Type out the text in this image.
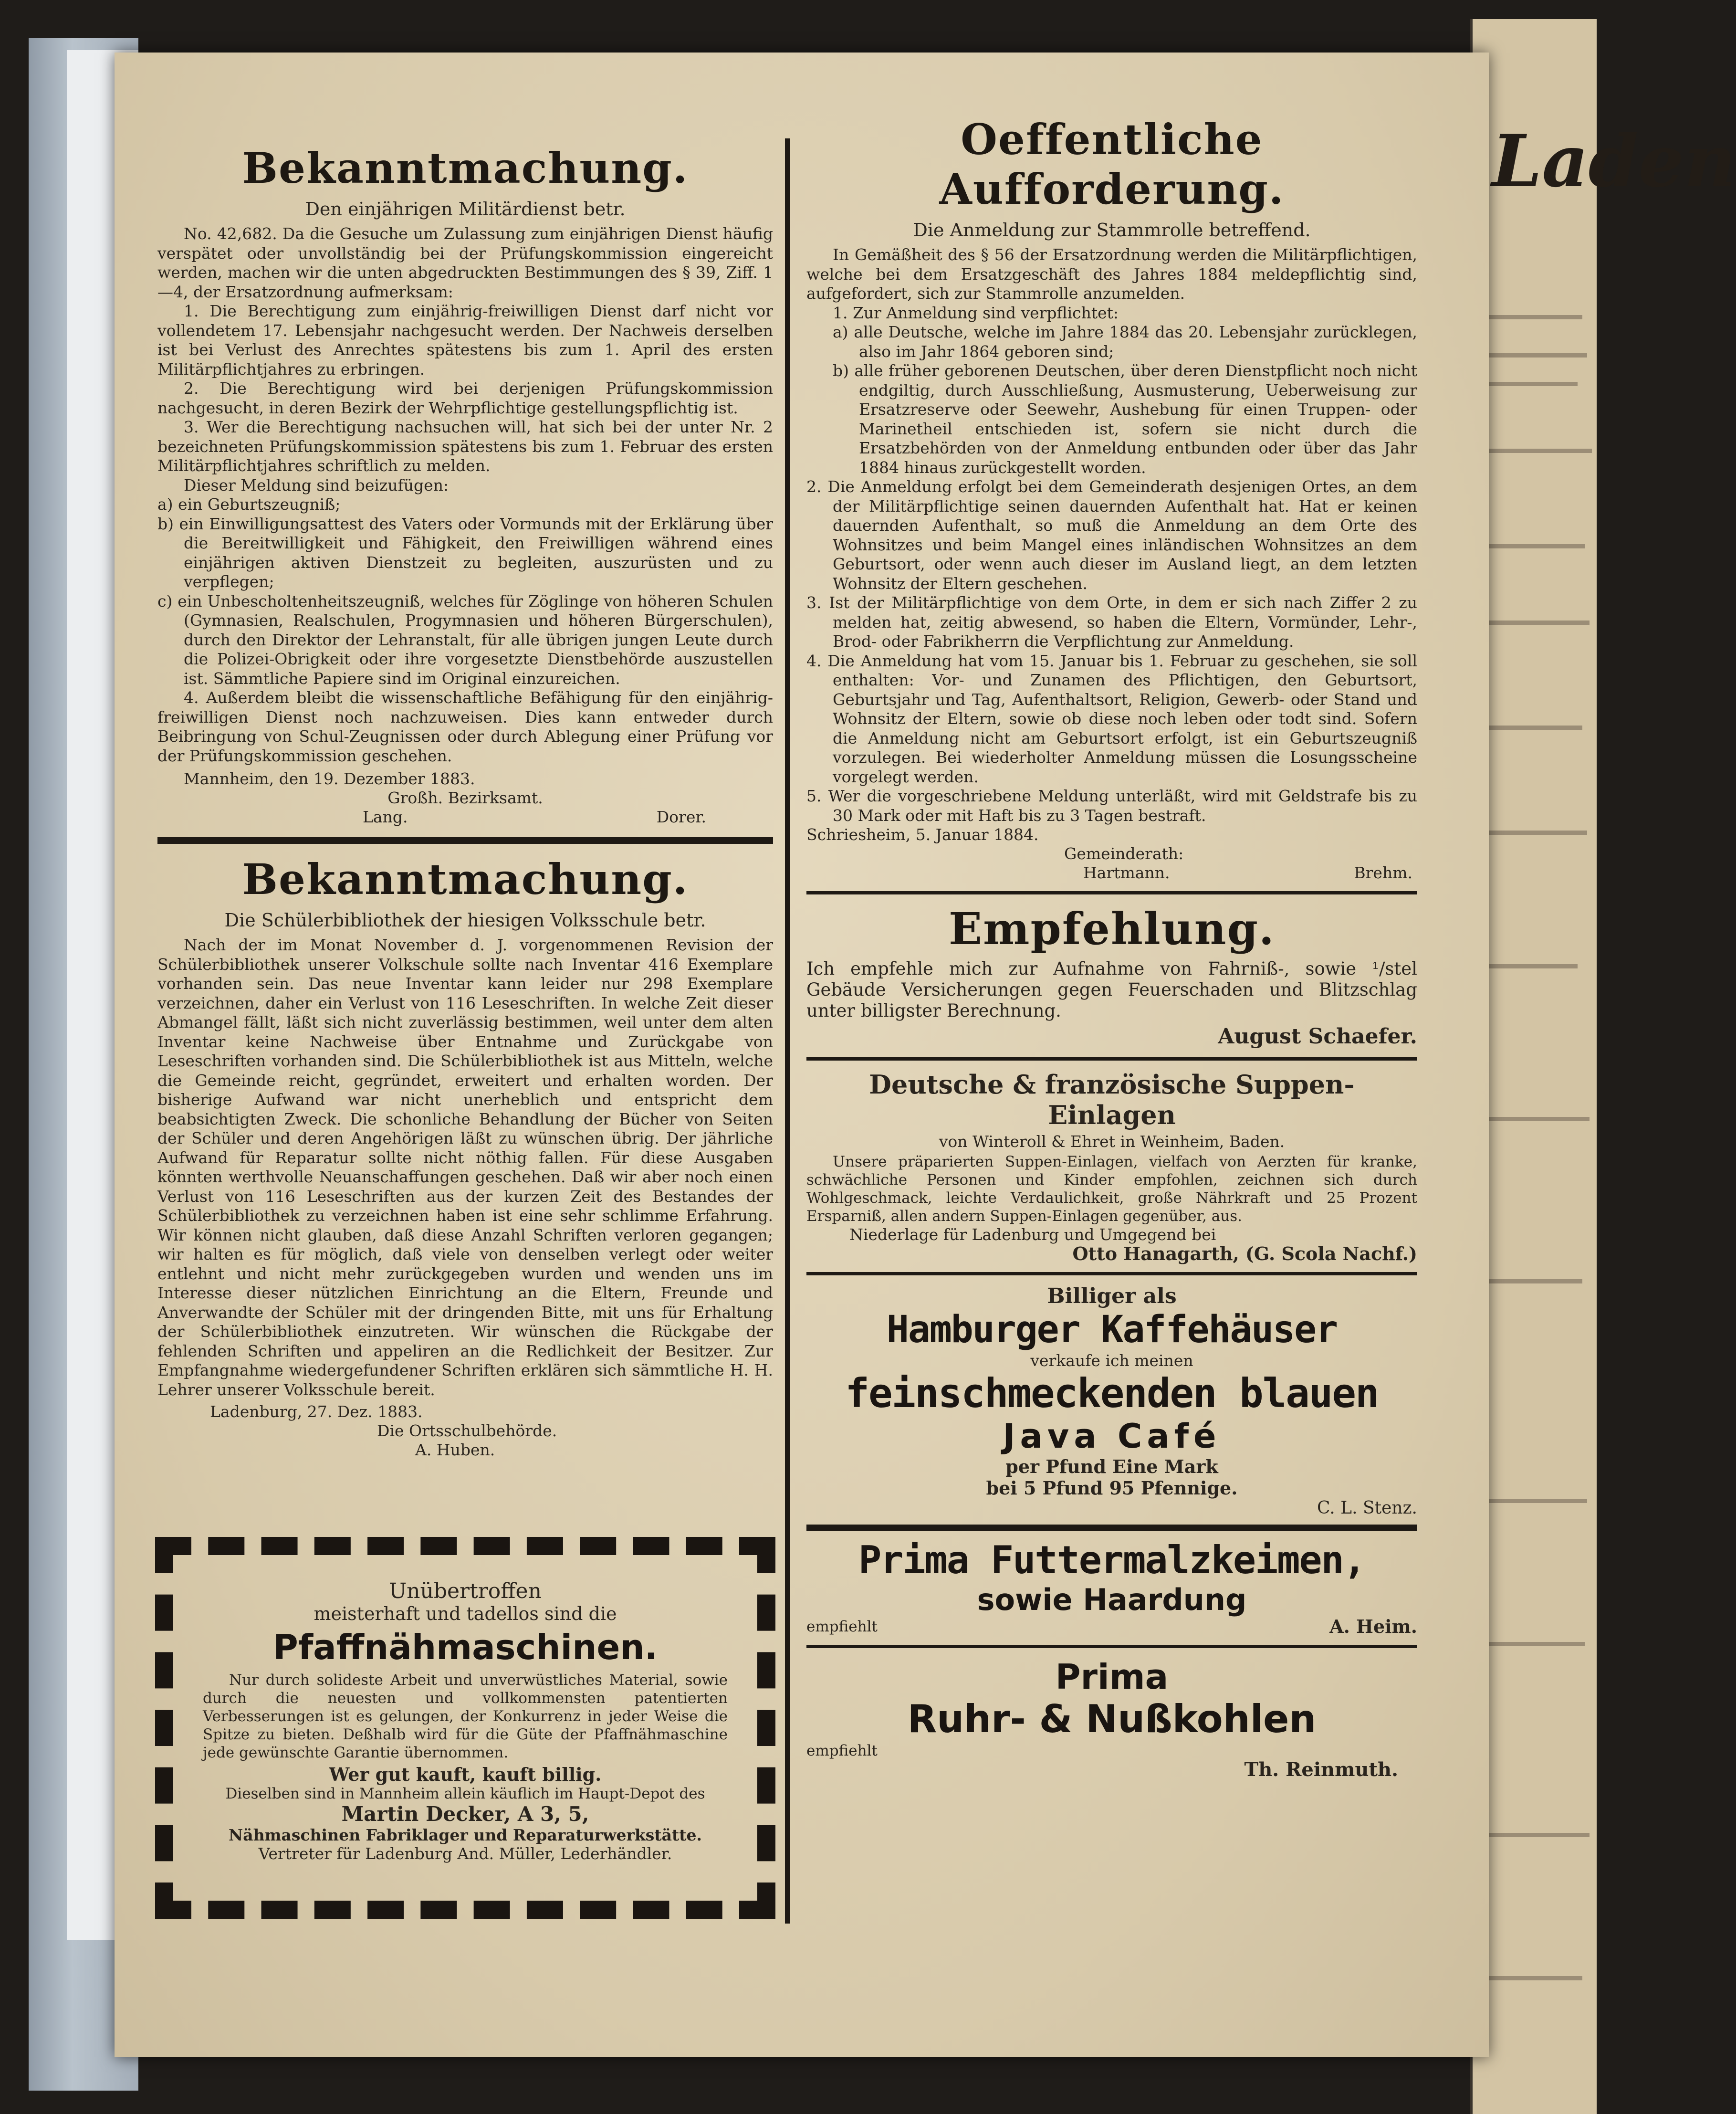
Laden
Bekanntmachung.
Den einjährigen Militärdienst betr.

No. 42,682. Da die Gesuche um Zulassung zum einjährigen Dienst häufig verspätet oder unvollständig bei der Prüfungskommission eingereicht werden, machen wir die unten abgedruckten Bestimmungen des § 39, Ziff. 1—4, der Ersatzordnung aufmerksam:

1. Die Berechtigung zum einjährig-freiwilligen Dienst darf nicht vor vollendetem 17. Lebensjahr nachgesucht werden. Der Nachweis derselben ist bei Verlust des Anrechtes spätestens bis zum 1. April des ersten Militärpflichtjahres zu erbringen.

2. Die Berechtigung wird bei derjenigen Prüfungskommission nachgesucht, in deren Bezirk der Wehrpflichtige gestellungspflichtig ist.

3. Wer die Berechtigung nachsuchen will, hat sich bei der unter Nr. 2 bezeichneten Prüfungskommission spätestens bis zum 1. Februar des ersten Militärpflichtjahres schriftlich zu melden.

Dieser Meldung sind beizufügen:

a) ein Geburtszeugniß;

b) ein Einwilligungsattest des Vaters oder Vormunds mit der Erklärung über die Bereitwilligkeit und Fähigkeit, den Freiwilligen während eines einjährigen aktiven Dienstzeit zu begleiten, auszurüsten und zu verpflegen;

c) ein Unbescholtenheitszeugniß, welches für Zöglinge von höheren Schulen (Gymnasien, Realschulen, Progymnasien und höheren Bürgerschulen), durch den Direktor der Lehranstalt, für alle übrigen jungen Leute durch die Polizei-Obrigkeit oder ihre vorgesetzte Dienstbehörde auszustellen ist. Sämmtliche Papiere sind im Original einzureichen.

4. Außerdem bleibt die wissenschaftliche Befähigung für den einjährig-freiwilligen Dienst noch nachzuweisen. Dies kann entweder durch Beibringung von Schul-Zeugnissen oder durch Ablegung einer Prüfung vor der Prüfungskommission geschehen.

Mannheim, den 19. Dezember 1883.
Großh. Bezirksamt.
Lang.	Dorer.
Bekanntmachung.
Die Schülerbibliothek der hiesigen Volksschule betr.

Nach der im Monat November d. J. vorgenommenen Revision der Schülerbibliothek unserer Volkschule sollte nach Inventar 416 Exemplare vorhanden sein. Das neue Inventar kann leider nur 298 Exemplare verzeichnen, daher ein Verlust von 116 Leseschriften. In welche Zeit dieser Abmangel fällt, läßt sich nicht zuverlässig bestimmen, weil unter dem alten Inventar keine Nachweise über Entnahme und Zurückgabe von Leseschriften vorhanden sind. Die Schülerbibliothek ist aus Mitteln, welche die Gemeinde reicht, gegründet, erweitert und erhalten worden. Der bisherige Aufwand war nicht unerheblich und entspricht dem beabsichtigten Zweck. Die schonliche Behandlung der Bücher von Seiten der Schüler und deren Angehörigen läßt zu wünschen übrig. Der jährliche Aufwand für Reparatur sollte nicht nöthig fallen. Für diese Ausgaben könnten werthvolle Neuanschaffungen geschehen. Daß wir aber noch einen Verlust von 116 Leseschriften aus der kurzen Zeit des Bestandes der Schülerbibliothek zu verzeichnen haben ist eine sehr schlimme Erfahrung. Wir können nicht glauben, daß diese Anzahl Schriften verloren gegangen; wir halten es für möglich, daß viele von denselben verlegt oder weiter entlehnt und nicht mehr zurückgegeben wurden und wenden uns im Interesse dieser nützlichen Einrichtung an die Eltern, Freunde und Anverwandte der Schüler mit der dringenden Bitte, mit uns für Erhaltung der Schülerbibliothek einzutreten. Wir wünschen die Rückgabe der fehlenden Schriften und appeliren an die Redlichkeit der Besitzer. Zur Empfangnahme wiedergefundener Schriften erklären sich sämmtliche H. H. Lehrer unserer Volksschule bereit.

Ladenburg, 27. Dez. 1883.
Die Ortsschulbehörde.
A. Huben.
Unübertroffen
meisterhaft und tadellos sind die
Pfaffnähmaschinen.

Nur durch solideste Arbeit und unverwüstliches Material, sowie durch die neuesten und vollkommensten patentierten Verbesserungen ist es gelungen, der Konkurrenz in jeder Weise die Spitze zu bieten. Deßhalb wird für die Güte der Pfaffnähmaschine jede gewünschte Garantie übernommen.

Wer gut kauft, kauft billig.
Dieselben sind in Mannheim allein käuflich im Haupt-Depot des
Martin Decker, A 3, 5,
Nähmaschinen Fabriklager und Reparaturwerkstätte.
Vertreter für Ladenburg And. Müller, Lederhändler.
Oeffentliche Aufforderung.
Die Anmeldung zur Stammrolle betreffend.

In Gemäßheit des § 56 der Ersatzordnung werden die Militärpflichtigen, welche bei dem Ersatzgeschäft des Jahres 1884 meldepflichtig sind, aufgefordert, sich zur Stammrolle anzumelden.

1. Zur Anmeldung sind verpflichtet:

a) alle Deutsche, welche im Jahre 1884 das 20. Lebensjahr zurücklegen, also im Jahr 1864 geboren sind;

b) alle früher geborenen Deutschen, über deren Dienstpflicht noch nicht endgiltig, durch Ausschließung, Ausmusterung, Ueberweisung zur Ersatzreserve oder Seewehr, Aushebung für einen Truppen- oder Marinetheil entschieden ist, sofern sie nicht durch die Ersatzbehörden von der Anmeldung entbunden oder über das Jahr 1884 hinaus zurückgestellt worden.

2. Die Anmeldung erfolgt bei dem Gemeinderath desjenigen Ortes, an dem der Militärpflichtige seinen dauernden Aufenthalt hat. Hat er keinen dauernden Aufenthalt, so muß die Anmeldung an dem Orte des Wohnsitzes und beim Mangel eines inländischen Wohnsitzes an dem Geburtsort, oder wenn auch dieser im Ausland liegt, an dem letzten Wohnsitz der Eltern geschehen.

3. Ist der Militärpflichtige von dem Orte, in dem er sich nach Ziffer 2 zu melden hat, zeitig abwesend, so haben die Eltern, Vormünder, Lehr-, Brod- oder Fabrikherrn die Verpflichtung zur Anmeldung.

4. Die Anmeldung hat vom 15. Januar bis 1. Februar zu geschehen, sie soll enthalten: Vor- und Zunamen des Pflichtigen, den Geburtsort, Geburtsjahr und Tag, Aufenthaltsort, Religion, Gewerb- oder Stand und Wohnsitz der Eltern, sowie ob diese noch leben oder todt sind. Sofern die Anmeldung nicht am Geburtsort erfolgt, ist ein Geburtszeugniß vorzulegen. Bei wiederholter Anmeldung müssen die Losungsscheine vorgelegt werden.

5. Wer die vorgeschriebene Meldung unterläßt, wird mit Geldstrafe bis zu 30 Mark oder mit Haft bis zu 3 Tagen bestraft.

Schriesheim, 5. Januar 1884.
Gemeinderath:
Hartmann.	Brehm.
Empfehlung.

Ich empfehle mich zur Aufnahme von Fahrniß-, sowie ¹/stel Gebäude Versicherungen gegen Feuerschaden und Blitzschlag unter billigster Berechnung.

August Schaefer.
Deutsche & französische Suppen-Einlagen
von Winteroll & Ehret in Weinheim, Baden.

Unsere präparierten Suppen-Einlagen, vielfach von Aerzten für kranke, schwächliche Personen und Kinder empfohlen, zeichnen sich durch Wohlgeschmack, leichte Verdaulichkeit, große Nährkraft und 25 Prozent Ersparniß, allen andern Suppen-Einlagen gegenüber, aus.

Niederlage für Ladenburg und Umgegend bei
Otto Hanagarth, (G. Scola Nachf.)
Billiger als
Hamburger Kaffehäuser
verkaufe ich meinen
feinschmeckenden blauen
Java Café
per Pfund Eine Mark
bei 5 Pfund 95 Pfennige.
C. L. Stenz.
Prima Futtermalzkeimen,
sowie Haardung
empfiehlt	A. Heim.
Prima
Ruhr- & Nußkohlen
empfiehlt
Th. Reinmuth.
